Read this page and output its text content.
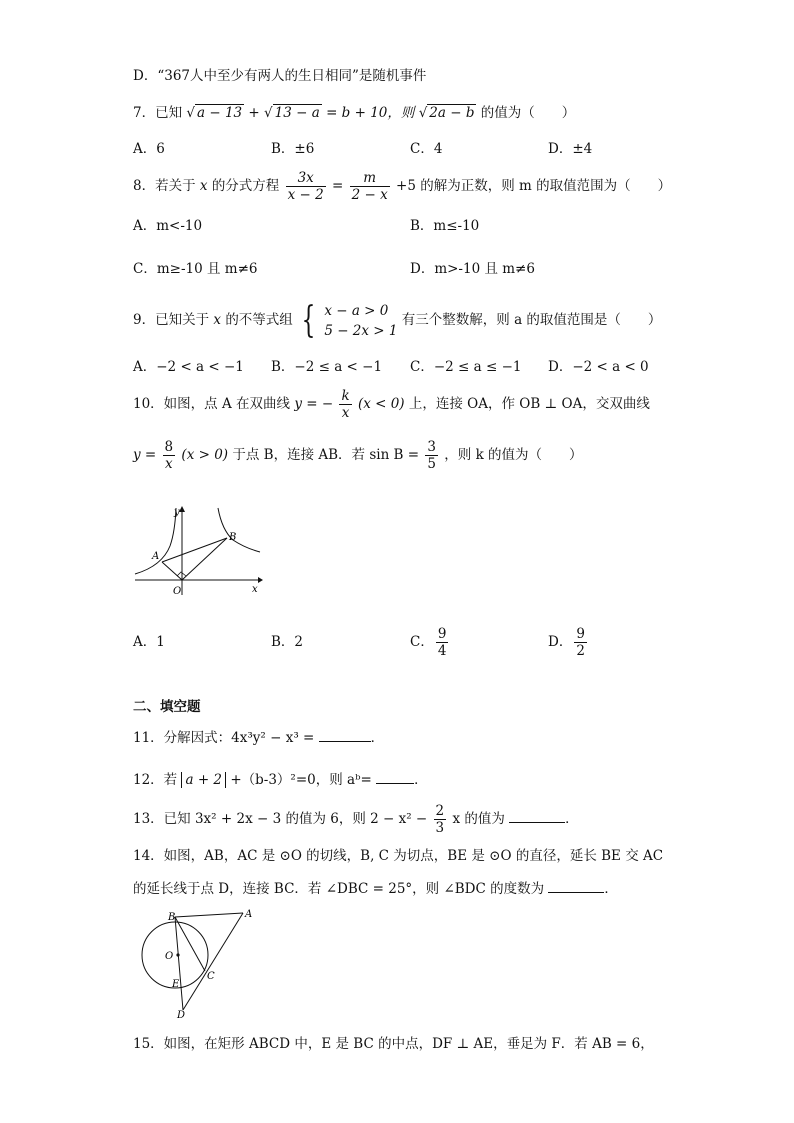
D．“367人中至少有两人的生日相同”是随机事件
7．已知 √ a − 13 + √ 13 − a = b + 10，则 √ 2a − b 的值为（　　）
A．6	B．±6	C．4	D．±4
8．若关于 x 的分式方程 $\frac{3x}{x - 2} = \frac{m}{2 - x} +5$ 的解为正数，则 m 的取值范围为（　　）
A．m<-10	B．m≤-10
C．m≥-10 且 m≠6	D．m>-10 且 m≠6
9．已知关于 x 的不等式组 { x − a > 0
5 − 2x > 1
有三个整数解，则 a 的取值范围是（　　）
A．−2 < a < −1 B．−2 ≤ a < −1 C．−2 ≤ a ≤ −1 D．−2 < a < 0
10．如图，点 A 在双曲线 y = − $\frac{k}{x} (x < 0)$ 上，连接 OA，作 OB ⊥ OA，交双曲线
$y = \frac{8}{x} (x > 0)$ 于点 B，连接 AB．若 $\sin B = \frac{3}{5}$ ，则 k 的值为（　　）
y
x
O
A
B
A．1	B．2	C． $\frac{9}{4}$	D． $\frac{9}{2}$
二、填空题
11．分解因式：4x³y² − x³ =	．
12．若 a + 2 +（b-3）²=0，则 aᵇ=	．
13．已知 3x² + 2x − 3 的值为 6，则 $2 - x^2 - \frac{2}{3}$ x 的值为	．
14．如图，AB，AC 是 ⊙O 的切线，B, C 为切点，BE 是 ⊙O 的直径，延长 BE 交 AC
的延长线于点 D，连接 BC．若 ∠DBC = 25°，则 ∠BDC 的度数为	．
B	A
O
C
E
D
15．如图，在矩形 ABCD 中，E 是 BC 的中点，DF ⊥ AE，垂足为 F．若 AB = 6，
